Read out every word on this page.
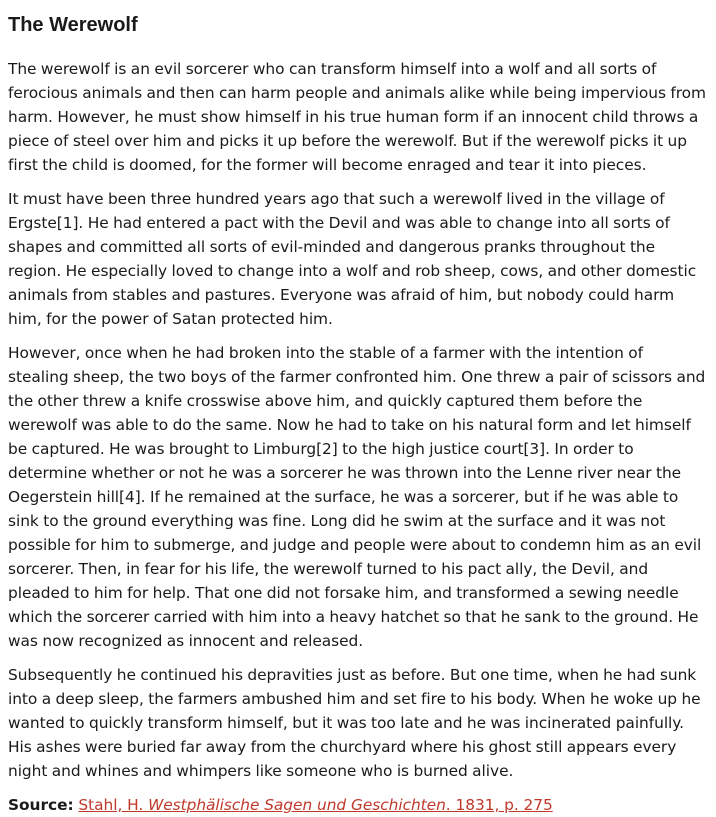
The Werewolf

The werewolf is an evil sorcerer who can transform himself into a wolf and all sorts of ferocious animals and then can harm people and animals alike while being impervious from harm. However, he must show himself in his true human form if an innocent child throws a piece of steel over him and picks it up before the werewolf. But if the werewolf picks it up first the child is doomed, for the former will become enraged and tear it into pieces.

It must have been three hundred years ago that such a werewolf lived in the village of Ergste[1]. He had entered a pact with the Devil and was able to change into all sorts of shapes and committed all sorts of evil-minded and dangerous pranks throughout the region. He especially loved to change into a wolf and rob sheep, cows, and other domestic animals from stables and pastures. Everyone was afraid of him, but nobody could harm him, for the power of Satan protected him.

However, once when he had broken into the stable of a farmer with the intention of stealing sheep, the two boys of the farmer confronted him. One threw a pair of scissors and the other threw a knife crosswise above him, and quickly captured them before the werewolf was able to do the same. Now he had to take on his natural form and let himself be captured. He was brought to Limburg[2] to the high justice court[3]. In order to determine whether or not he was a sorcerer he was thrown into the Lenne river near the Oegerstein hill[4]. If he remained at the surface, he was a sorcerer, but if he was able to sink to the ground everything was fine. Long did he swim at the surface and it was not possible for him to submerge, and judge and people were about to condemn him as an evil sorcerer. Then, in fear for his life, the werewolf turned to his pact ally, the Devil, and pleaded to him for help. That one did not forsake him, and transformed a sewing needle which the sorcerer carried with him into a heavy hatchet so that he sank to the ground. He was now recognized as innocent and released.

Subsequently he continued his depravities just as before. But one time, when he had sunk into a deep sleep, the farmers ambushed him and set fire to his body. When he woke up he wanted to quickly transform himself, but it was too late and he was incinerated painfully. His ashes were buried far away from the churchyard where his ghost still appears every night and whines and whimpers like someone who is burned alive.

Source: Stahl, H. Westphälische Sagen und Geschichten. 1831, p. 275
